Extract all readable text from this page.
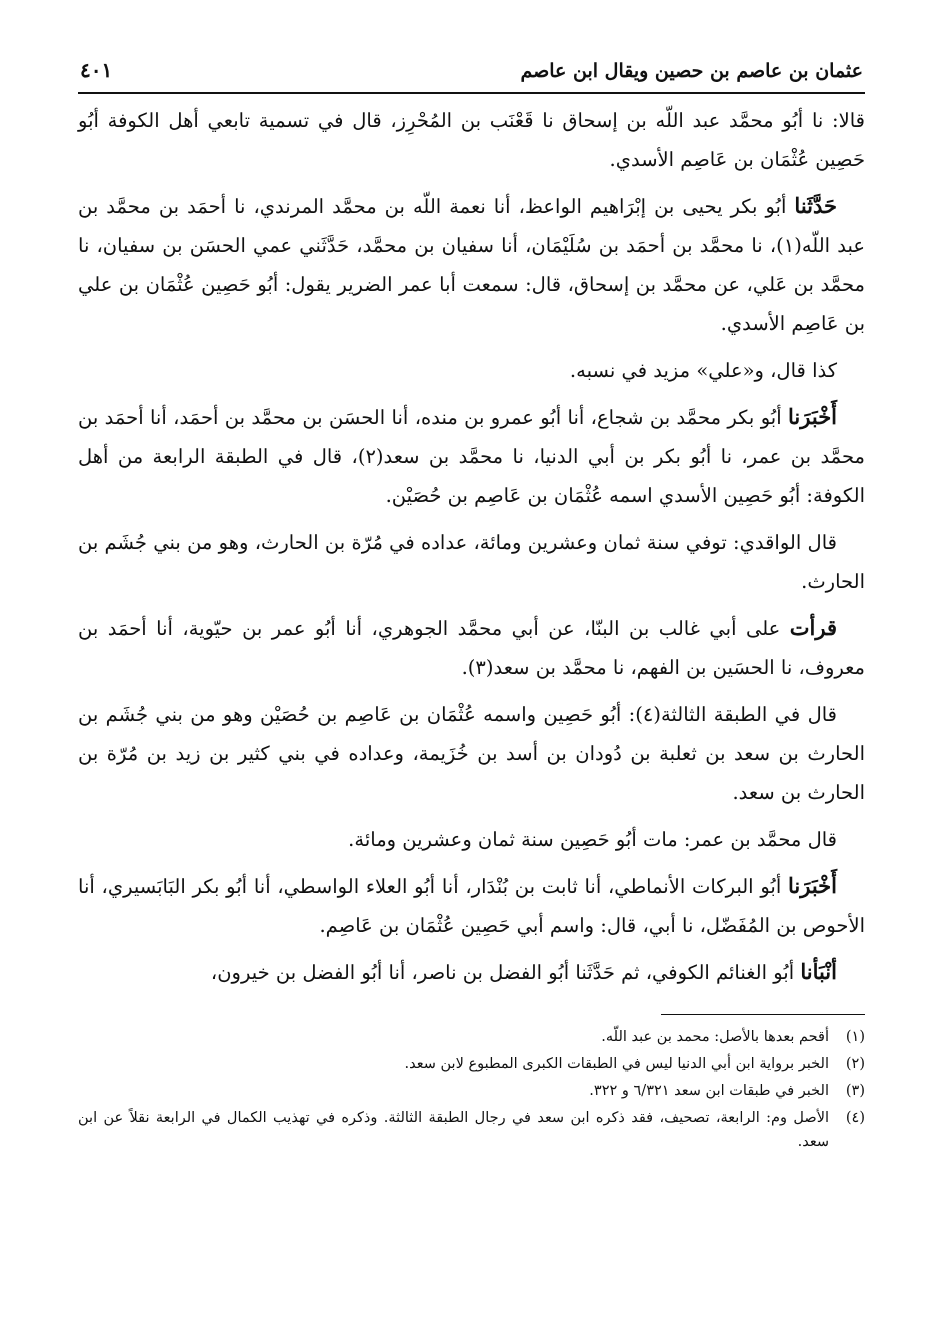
عثمان بن عاصم بن حصين ويقال ابن عاصم
٤٠١

قالا: نا أبُو محمَّد عبد اللّه بن إسحاق نا قَعْنَب بن المُحْرِز، قال في تسمية تابعي أهل الكوفة أبُو حَصِين عُثْمَان بن عَاصِم الأسدي.

حَدَّثَنا أبُو بكر يحيى بن إبْرَاهيم الواعظ، أنا نعمة اللّه بن محمَّد المرندي، نا أحمَد بن محمَّد بن عبد اللّه(١)، نا محمَّد بن أحمَد بن سُلَيْمَان، أنا سفيان بن محمَّد، حَدَّثَني عمي الحسَن بن سفيان، نا محمَّد بن عَلي، عن محمَّد بن إسحاق، قال: سمعت أبا عمر الضرير يقول: أبُو حَصِين عُثْمَان بن علي بن عَاصِم الأسدي.

كذا قال، و«علي» مزيد في نسبه.

أَخْبَرَنا أبُو بكر محمَّد بن شجاع، أنا أبُو عمرو بن منده، أنا الحسَن بن محمَّد بن أحمَد، أنا أحمَد بن محمَّد بن عمر، نا أبُو بكر بن أبي الدنيا، نا محمَّد بن سعد(٢)، قال في الطبقة الرابعة من أهل الكوفة: أبُو حَصِين الأسدي اسمه عُثْمَان بن عَاصِم بن حُصَيْن.

قال الواقدي: توفي سنة ثمان وعشرين ومائة، عداده في مُرّة بن الحارث، وهو من بني جُشَم بن الحارث.

قرأت على أبي غالب بن البنّا، عن أبي محمَّد الجوهري، أنا أبُو عمر بن حيّوية، أنا أحمَد بن معروف، نا الحسَين بن الفهم، نا محمَّد بن سعد(٣).

قال في الطبقة الثالثة(٤): أبُو حَصِين واسمه عُثْمَان بن عَاصِم بن حُصَيْن وهو من بني جُشَم بن الحارث بن سعد بن ثعلبة بن دُودان بن أسد بن خُزَيمة، وعداده في بني كثير بن زيد بن مُرّة بن الحارث بن سعد.

قال محمَّد بن عمر: مات أبُو حَصِين سنة ثمان وعشرين ومائة.

أَخْبَرَنا أبُو البركات الأنماطي، أنا ثابت بن بُنْدَار، أنا أبُو العلاء الواسطي، أنا أبُو بكر البَابَسيري، أنا الأحوص بن المُفَضّل، نا أبي، قال: واسم أبي حَصِين عُثْمَان بن عَاصِم.

أنْبَأنا أبُو الغنائم الكوفي، ثم حَدَّثَنا أبُو الفضل بن ناصر، أنا أبُو الفضل بن خيرون،

(١)
أقحم بعدها بالأصل: محمد بن عبد اللّه.
(٢)
الخبر برواية ابن أبي الدنيا ليس في الطبقات الكبرى المطبوع لابن سعد.
(٣)
الخبر في طبقات ابن سعد ٦/٣٢١ و ٣٢٢.
(٤)
الأصل وم: الرابعة، تصحيف، فقد ذكره ابن سعد في رجال الطبقة الثالثة. وذكره في تهذيب الكمال في الرابعة نقلاً عن ابن سعد.
